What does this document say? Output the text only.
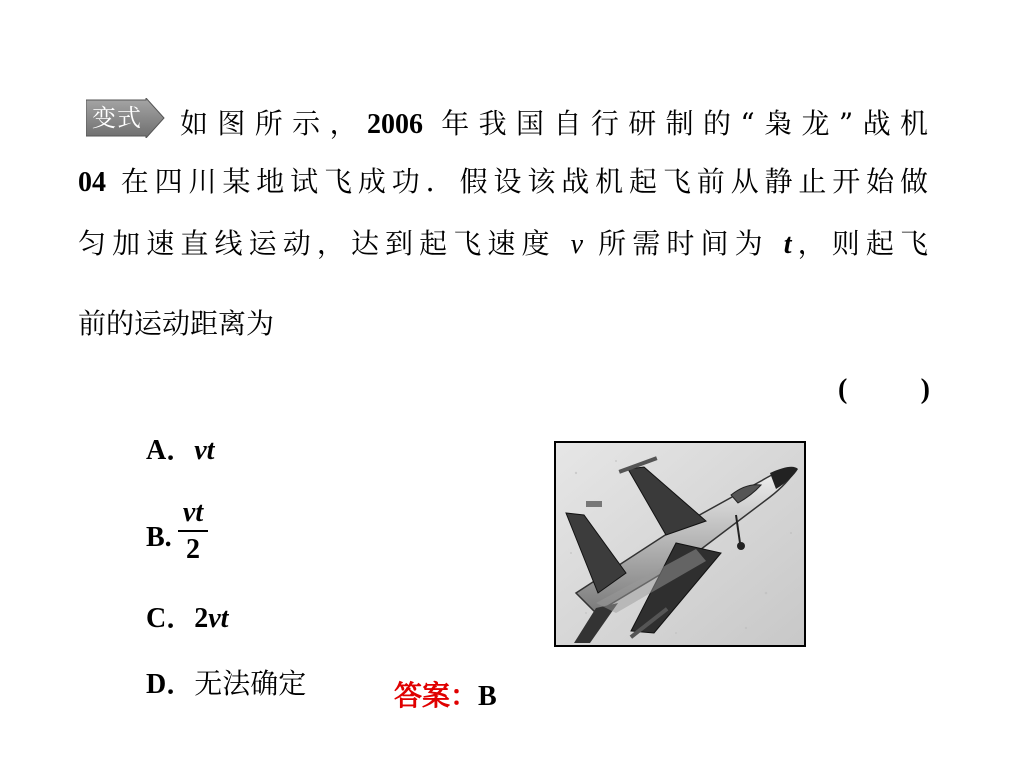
变式 如图所示，2006 年我国自行研制的“枭龙”战机
04 在四川某地试飞成功．假设该战机起飞前从静止开始做
匀加速直线运动，达到起飞速度 v 所需时间为 t，则起飞
前的运动距离为
(	)
A．vt
B.
vt
2
C．2vt
D．无法确定	答案：B
